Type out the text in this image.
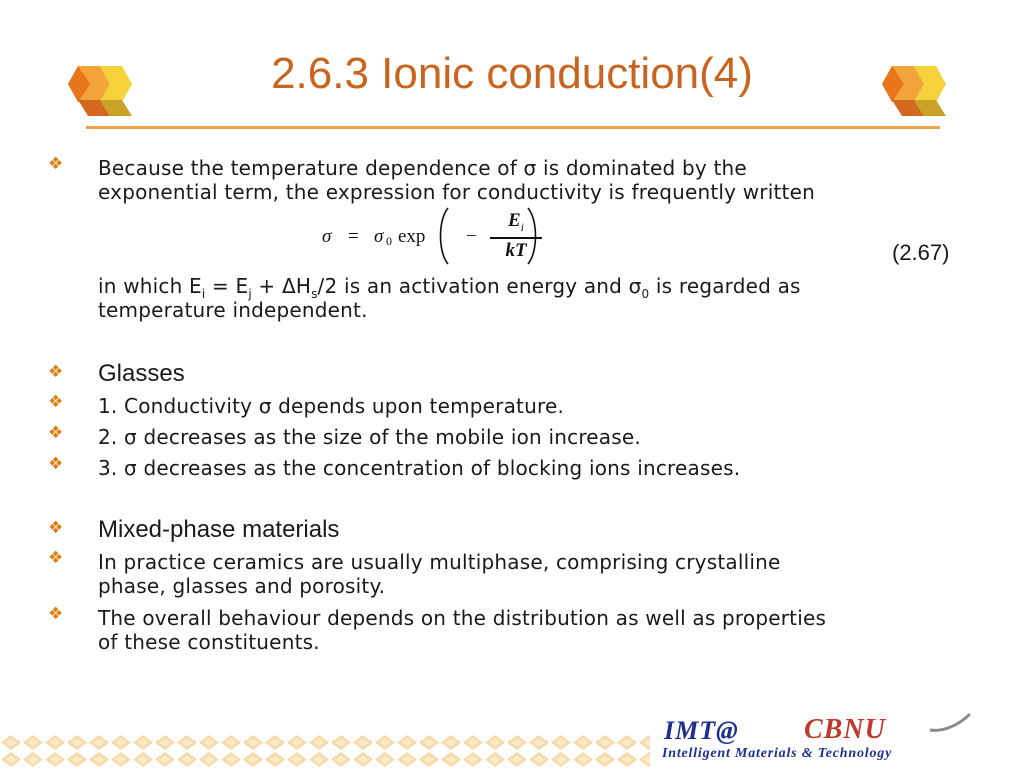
2.6.3 Ionic conduction(4)
❖ Because the temperature dependence of σ is dominated by the
exponential term, the expression for conductivity is frequently written
σ = σ 0 exp −
$E_i$
kT	(2.67)
in which $E_i = E_j + \Delta H_s/2$ is an activation energy and $\sigma_0$ is regarded as
temperature independent.
❖ Glasses
❖ 1. Conductivity σ depends upon temperature.
❖ 2. σ decreases as the size of the mobile ion increase.
❖ 3. σ decreases as the concentration of blocking ions increases.
❖ Mixed-phase materials
❖ In practice ceramics are usually multiphase, comprising crystalline
phase, glasses and porosity.
❖ The overall behaviour depends on the distribution as well as properties
of these constituents.
IMT@ CBNU
Intelligent Materials & Technology
